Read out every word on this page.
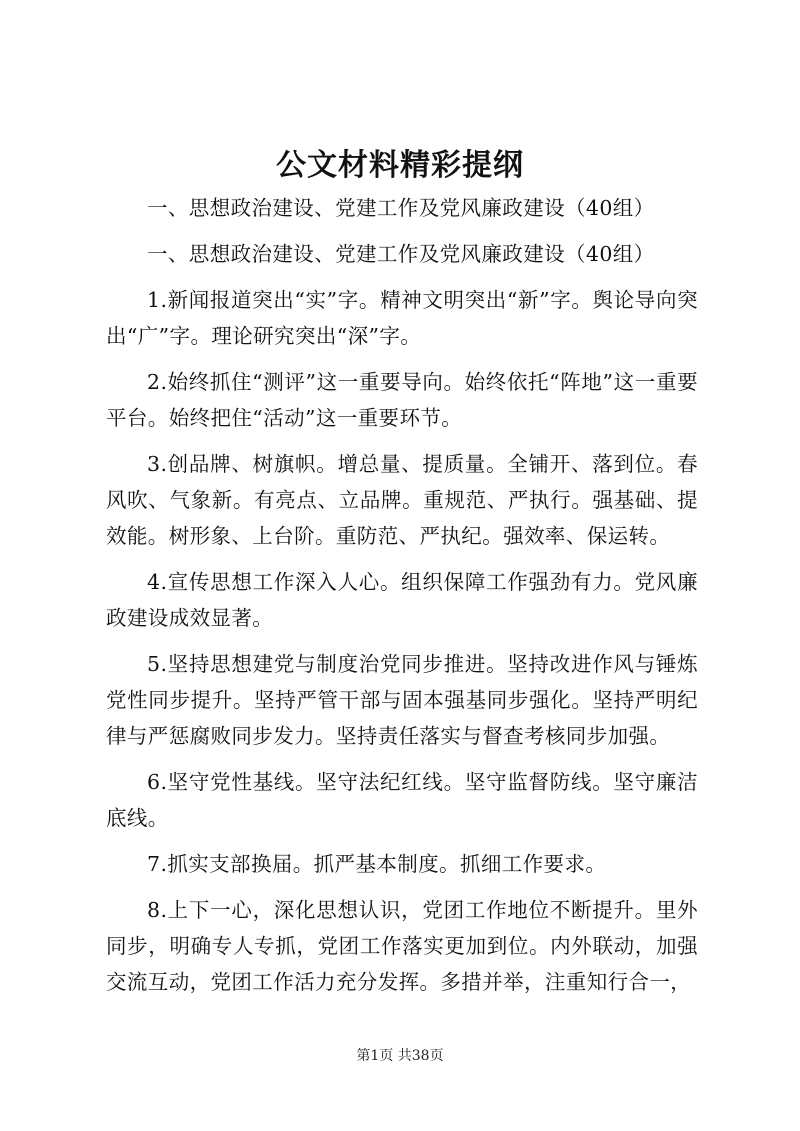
公文材料精彩提纲

一、思想政治建设、党建工作及党风廉政建设（40组）

一、思想政治建设、党建工作及党风廉政建设（40组）

1.新闻报道突出“实”字。精神文明突出“新”字。舆论导向突出“广”字。理论研究突出“深”字。

2.始终抓住“测评”这一重要导向。始终依托“阵地”这一重要平台。始终把住“活动”这一重要环节。

3.创品牌、树旗帜。增总量、提质量。全铺开、落到位。春风吹、气象新。有亮点、立品牌。重规范、严执行。强基础、提效能。树形象、上台阶。重防范、严执纪。强效率、保运转。

4.宣传思想工作深入人心。组织保障工作强劲有力。党风廉政建设成效显著。

5.坚持思想建党与制度治党同步推进。坚持改进作风与锤炼党性同步提升。坚持严管干部与固本强基同步强化。坚持严明纪律与严惩腐败同步发力。坚持责任落实与督查考核同步加强。

6.坚守党性基线。坚守法纪红线。坚守监督防线。坚守廉洁底线。

7.抓实支部换届。抓严基本制度。抓细工作要求。

8.上下一心，深化思想认识，党团工作地位不断提升。里外同步，明确专人专抓，党团工作落实更加到位。内外联动，加强交流互动，党团工作活力充分发挥。多措并举，注重知行合一，

第1页 共38页
